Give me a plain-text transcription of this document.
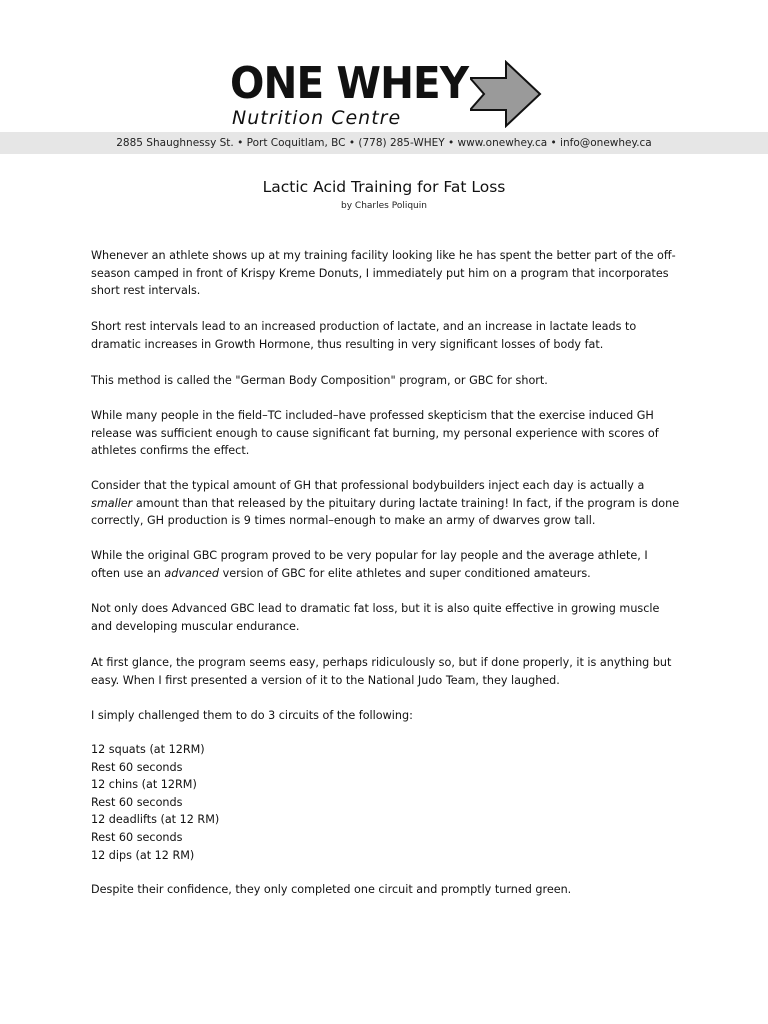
ONE WHEY
Nutrition Centre
2885 Shaughnessy St. • Port Coquitlam, BC • (778) 285-WHEY • www.onewhey.ca • info@onewhey.ca
Lactic Acid Training for Fat Loss
by Charles Poliquin
Whenever an athlete shows up at my training facility looking like he has spent the better part of the off-
season camped in front of Krispy Kreme Donuts, I immediately put him on a program that incorporates
short rest intervals.
Short rest intervals lead to an increased production of lactate, and an increase in lactate leads to
dramatic increases in Growth Hormone, thus resulting in very significant losses of body fat.
This method is called the "German Body Composition" program, or GBC for short.
While many people in the field–TC included–have professed skepticism that the exercise induced GH
release was sufficient enough to cause significant fat burning, my personal experience with scores of
athletes confirms the effect.
Consider that the typical amount of GH that professional bodybuilders inject each day is actually a
smaller amount than that released by the pituitary during lactate training! In fact, if the program is done
correctly, GH production is 9 times normal–enough to make an army of dwarves grow tall.
While the original GBC program proved to be very popular for lay people and the average athlete, I
often use an advanced version of GBC for elite athletes and super conditioned amateurs.
Not only does Advanced GBC lead to dramatic fat loss, but it is also quite effective in growing muscle
and developing muscular endurance.
At first glance, the program seems easy, perhaps ridiculously so, but if done properly, it is anything but
easy. When I first presented a version of it to the National Judo Team, they laughed.
I simply challenged them to do 3 circuits of the following:
12 squats (at 12RM)
Rest 60 seconds
12 chins (at 12RM)
Rest 60 seconds
12 deadlifts (at 12 RM)
Rest 60 seconds
12 dips (at 12 RM)
Despite their confidence, they only completed one circuit and promptly turned green.
